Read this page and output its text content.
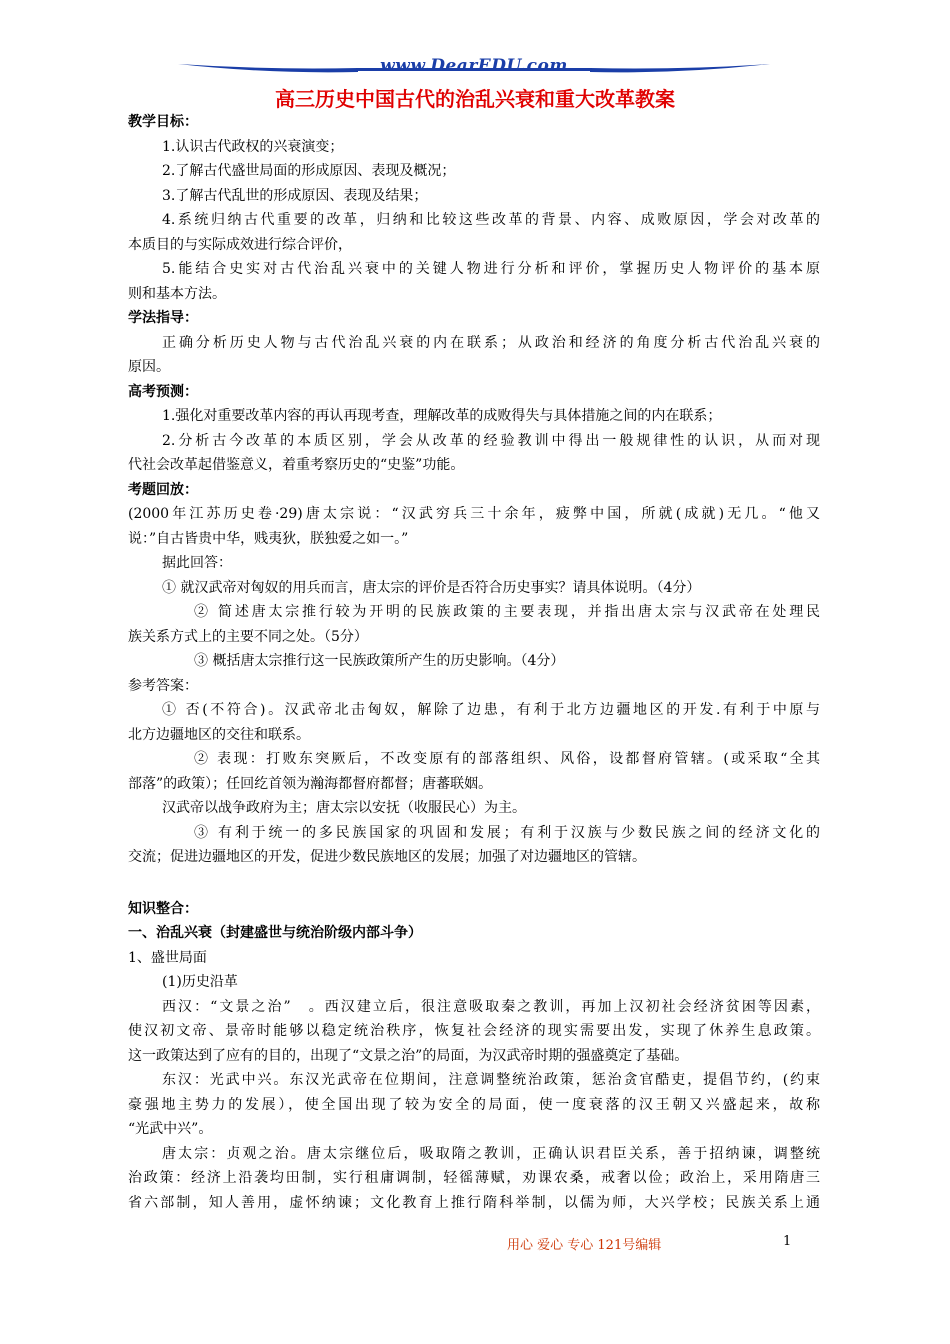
www.DearEDU.com
高三历史中国古代的治乱兴衰和重大改革教案
教学目标：
1.认识古代政权的兴衰演变；
2.了解古代盛世局面的形成原因、表现及概况；
3.了解古代乱世的形成原因、表现及结果；
4.系统归纳古代重要的改革，归纳和比较这些改革的背景、内容、成败原因，学会对改革的
本质目的与实际成效进行综合评价，
5.能结合史实对古代治乱兴衰中的关键人物进行分析和评价，掌握历史人物评价的基本原
则和基本方法。
学法指导：
正确分析历史人物与古代治乱兴衰的内在联系；从政治和经济的角度分析古代治乱兴衰的
原因。
高考预测：
1.强化对重要改革内容的再认再现考查，理解改革的成败得失与具体措施之间的内在联系；
2.分析古今改革的本质区别，学会从改革的经验教训中得出一般规律性的认识，从而对现
代社会改革起借鉴意义，着重考察历史的“史鉴”功能。
考题回放：
(2000年江苏历史卷·29)唐太宗说：“汉武穷兵三十余年，疲弊中国，所就(成就)无几。“他又
说：”自古皆贵中华，贱夷狄，朕独爱之如一。”
据此回答：
① 就汉武帝对匈奴的用兵而言，唐太宗的评价是否符合历史事实？请具体说明。（4分）
② 简述唐太宗推行较为开明的民族政策的主要表现，并指出唐太宗与汉武帝在处理民
族关系方式上的主要不同之处。（5分）
③ 概括唐太宗推行这一民族政策所产生的历史影响。（4分）
参考答案：
① 否(不符合)。汉武帝北击匈奴，解除了边患，有利于北方边疆地区的开发.有利于中原与
北方边疆地区的交往和联系。
② 表现：打败东突厥后，不改变原有的部落组织、风俗，设都督府管辖。(或采取“全其
部落”的政策）；任回纥首领为瀚海都督府都督；唐蕃联姻。
汉武帝以战争政府为主；唐太宗以安抚（收服民心）为主。
③ 有利于统一的多民族国家的巩固和发展；有利于汉族与少数民族之间的经济文化的
交流；促进边疆地区的开发，促进少数民族地区的发展；加强了对边疆地区的管辖。
知识整合：
一、治乱兴衰（封建盛世与统治阶级内部斗争）
1、盛世局面
(1)历史沿革
西汉：“文景之治”　。西汉建立后，很注意吸取秦之教训，再加上汉初社会经济贫困等因素，
使汉初文帝、景帝时能够以稳定统治秩序，恢复社会经济的现实需要出发，实现了休养生息政策。
这一政策达到了应有的目的，出现了“文景之治”的局面，为汉武帝时期的强盛奠定了基础。
东汉：光武中兴。东汉光武帝在位期间，注意调整统治政策，惩治贪官酷吏，提倡节约，(约束
豪强地主势力的发展），使全国出现了较为安全的局面，使一度衰落的汉王朝又兴盛起来，故称
“光武中兴”。
唐太宗：贞观之治。唐太宗继位后，吸取隋之教训，正确认识君臣关系，善于招纳谏，调整统
治政策：经济上沿袭均田制，实行租庸调制，轻徭薄赋，劝课农桑，戒奢以俭；政治上，采用隋唐三
省六部制，知人善用，虚怀纳谏；文化教育上推行隋科举制，以儒为师，大兴学校；民族关系上通
用心 爱心 专心 121号编辑	1
